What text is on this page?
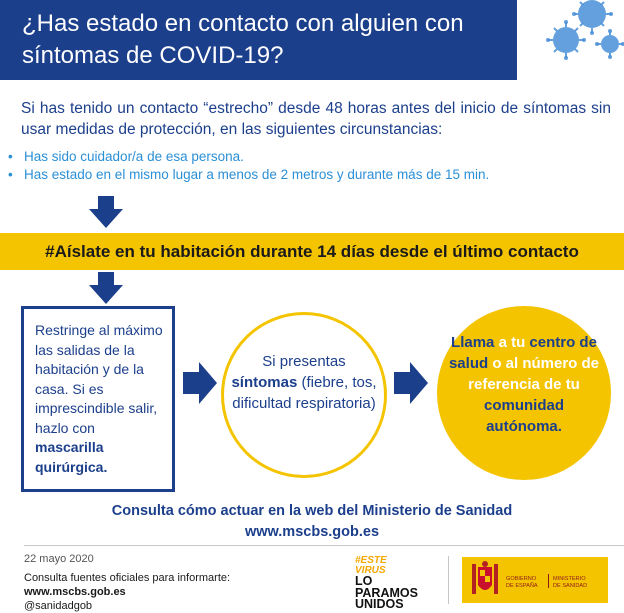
¿Has estado en contacto con alguien con
síntomas de COVID-19?
Si has tenido un contacto “estrecho” desde 48 horas antes del inicio de síntomas sin usar medidas de protección, en las siguientes circunstancias:
• Has sido cuidador/a de esa persona.
• Has estado en el mismo lugar a menos de 2 metros y durante más de 15 min.
#Aíslate en tu habitación durante 14 días desde el último contacto
Restringe al máximo las salidas de la habitación y de la casa. Si es imprescindible salir, hazlo con
mascarilla quirúrgica.
Si presentas
síntomas (fiebre, tos, dificultad respiratoria)
Llama a tu centro de salud o al número de referencia de tu comunidad autónoma.
Consulta cómo actuar en la web del Ministerio de Sanidad
www.mscbs.gob.es
22 mayo 2020
Consulta fuentes oficiales para informarte:
www.mscbs.gob.es
@sanidadgob
#ESTE
VIRUS
LO
PARAMOS
UNIDOS
GOBIERNO
DE ESPAÑA
MINISTERIO
DE SANIDAD
